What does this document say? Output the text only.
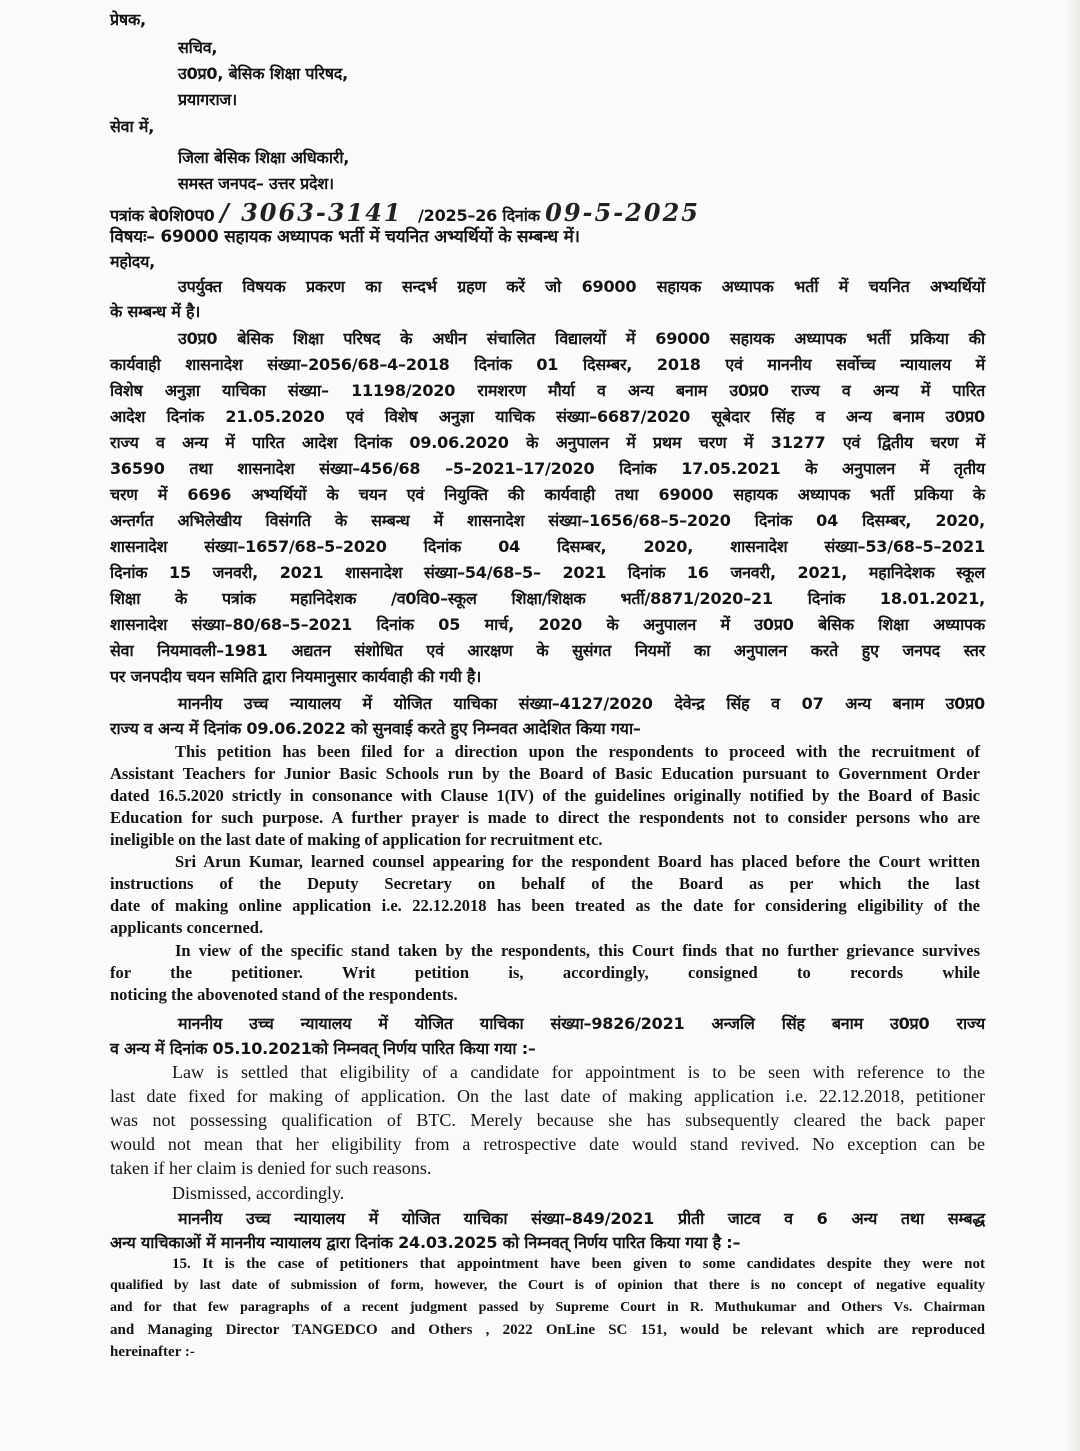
प्रेषक,
सचिव,
उ0प्र0, बेसिक शिक्षा परिषद,
प्रयागराज।
सेवा में,
जिला बेसिक शिक्षा अधिकारी,
समस्त जनपद– उत्तर प्रदेश।
पत्रांक बे0शि0प0 / 3063-3141 /2025–26 दिनांक 09-5-2025
विषयः– 69000 सहायक अध्यापक भर्ती में चयनित अभ्यर्थियों के सम्बन्ध में।
महोदय,
उपर्युक्त विषयक प्रकरण का सन्दर्भ ग्रहण करें जो 69000 सहायक अध्यापक भर्ती में चयनित अभ्यर्थियों
के सम्बन्ध में है।
उ0प्र0 बेसिक शिक्षा परिषद के अधीन संचालित विद्यालयों में 69000 सहायक अध्यापक भर्ती प्रकिया की
कार्यवाही शासनादेश संख्या–2056/68–4–2018 दिनांक 01 दिसम्बर, 2018 एवं माननीय सर्वोच्च न्यायालय में
विशेष अनुज्ञा याचिका संख्या– 11198/2020 रामशरण मौर्या व अन्य बनाम उ0प्र0 राज्य व अन्य में पारित
आदेश दिनांक 21.05.2020 एवं विशेष अनुज्ञा याचिक संख्या–6687/2020 सूबेदार सिंह व अन्य बनाम उ0प्र0
राज्य व अन्य में पारित आदेश दिनांक 09.06.2020 के अनुपालन में प्रथम चरण में 31277 एवं द्वितीय चरण में
36590 तथा शासनादेश संख्या–456/68 –5–2021–17/2020 दिनांक 17.05.2021 के अनुपालन में तृतीय
चरण में 6696 अभ्यर्थियों के चयन एवं नियुक्ति की कार्यवाही तथा 69000 सहायक अध्यापक भर्ती प्रकिया के
अन्तर्गत अभिलेखीय विसंगति के सम्बन्ध में शासनादेश संख्या–1656/68–5–2020 दिनांक 04 दिसम्बर, 2020,
शासनादेश संख्या–1657/68–5–2020 दिनांक 04 दिसम्बर, 2020, शासनादेश संख्या–53/68–5–2021
दिनांक 15 जनवरी, 2021 शासनादेश संख्या–54/68–5– 2021 दिनांक 16 जनवरी, 2021, महानिदेशक स्कूल
शिक्षा के पत्रांक महानिदेशक /व0वि0–स्कूल शिक्षा/शिक्षक भर्ती/8871/2020–21 दिनांक 18.01.2021,
शासनादेश संख्या–80/68–5–2021 दिनांक 05 मार्च, 2020 के अनुपालन में उ0प्र0 बेसिक शिक्षा अध्यापक
सेवा नियमावली–1981 अद्यतन संशोधित एवं आरक्षण के सुसंगत नियमों का अनुपालन करते हुए जनपद स्तर
पर जनपदीय चयन समिति द्वारा नियमानुसार कार्यवाही की गयी है।
माननीय उच्च न्यायालय में योजित याचिका संख्या–4127/2020 देवेन्द्र सिंह व 07 अन्य बनाम उ0प्र0
राज्य व अन्य में दिनांक 09.06.2022 को सुनवाई करते हुए निम्नवत आदेशित किया गया–
This petition has been filed for a direction upon the respondents to proceed with the recruitment of
Assistant Teachers for Junior Basic Schools run by the Board of Basic Education pursuant to Government Order
dated 16.5.2020 strictly in consonance with Clause 1(IV) of the guidelines originally notified by the Board of Basic
Education for such purpose. A further prayer is made to direct the respondents not to consider persons who are
ineligible on the last date of making of application for recruitment etc.
Sri Arun Kumar, learned counsel appearing for the respondent Board has placed before the Court written
instructions of the Deputy Secretary on behalf of the Board as per which the last
date of making online application i.e. 22.12.2018 has been treated as the date for considering eligibility of the
applicants concerned.
In view of the specific stand taken by the respondents, this Court finds that no further grievance survives
for the petitioner. Writ petition is, accordingly, consigned to records while
noticing the abovenoted stand of the respondents.
माननीय उच्च न्यायालय में योजित याचिका संख्या–9826/2021 अन्जलि सिंह बनाम उ0प्र0 राज्य
व अन्य में दिनांक 05.10.2021को निम्नवत् निर्णय पारित किया गया :–
Law is settled that eligibility of a candidate for appointment is to be seen with reference to the
last date fixed for making of application. On the last date of making application i.e. 22.12.2018, petitioner
was not possessing qualification of BTC. Merely because she has subsequently cleared the back paper
would not mean that her eligibility from a retrospective date would stand revived. No exception can be
taken if her claim is denied for such reasons.
Dismissed, accordingly.
माननीय उच्च न्यायालय में योजित याचिका संख्या–849/2021 प्रीती जाटव व 6 अन्य तथा सम्बद्ध
अन्य याचिकाओं में माननीय न्यायालय द्वारा दिनांक 24.03.2025 को निम्नवत् निर्णय पारित किया गया है :–
15. It is the case of petitioners that appointment have been given to some candidates despite they were not
qualified by last date of submission of form, however, the Court is of opinion that there is no concept of negative equality
and for that few paragraphs of a recent judgment passed by Supreme Court in R. Muthukumar and Others Vs. Chairman
and Managing Director TANGEDCO and Others , 2022 OnLine SC 151, would be relevant which are reproduced
hereinafter :-
